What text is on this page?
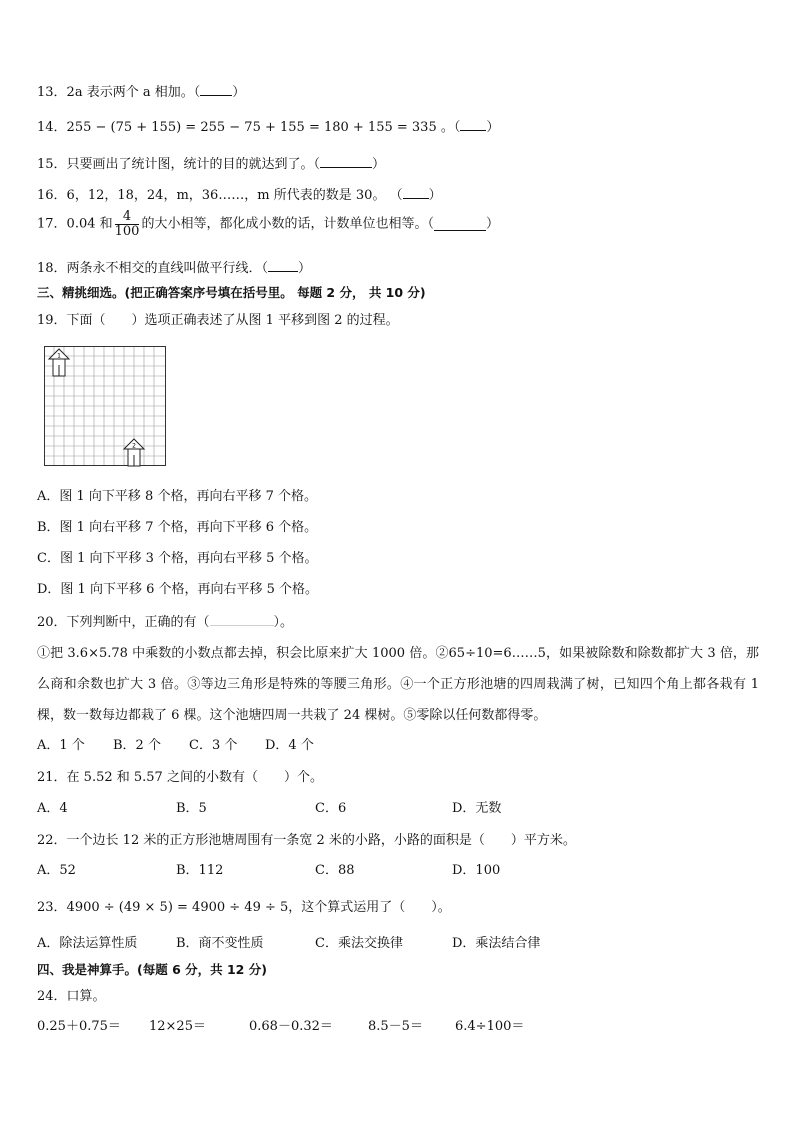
13．2a 表示两个 a 相加。（ ）
14．255 − (75 + 155) = 255 − 75 + 155 = 180 + 155 = 335 。（ ）
15．只要画出了统计图，统计的目的就达到了。（	）
16．6，12，18，24，m，36……，m 所代表的数是 30。 （ ）
17．0.04 和 $\frac{4}{100}$ 的大小相等，都化成小数的话，计数单位也相等。（	）
18．两条永不相交的直线叫做平行线．（ ）
三、精挑细选。(把正确答案序号填在括号里。 每题 2 分， 共 10 分)
19．下面（　　）选项正确表述了从图 1 平移到图 2 的过程。
1
2
A．图 1 向下平移 8 个格，再向右平移 7 个格。
B．图 1 向右平移 7 个格，再向下平移 6 个格。
C．图 1 向下平移 3 个格，再向右平移 5 个格。
D．图 1 向下平移 6 个格，再向右平移 5 个格。
20．下列判断中，正确的有（	）。
①把 3.6×5.78 中乘数的小数点都去掉，积会比原来扩大 1000 倍。②65÷10=6……5，如果被除数和除数都扩大 3 倍，那么商和余数也扩大 3 倍。③等边三角形是特殊的等腰三角形。④一个正方形池塘的四周栽满了树，已知四个角上都各栽有 1 棵，数一数每边都栽了 6 棵。这个池塘四周一共栽了 24 棵树。⑤零除以任何数都得零。
A．1 个 B．2 个 C．3 个 D．4 个
21．在 5.52 和 5.57 之间的小数有（　　）个。
A．4	B．5	C．6	D．无数
22．一个边长 12 米的正方形池塘周围有一条宽 2 米的小路，小路的面积是（　　）平方米。
A．52	B．112	C．88	D．100
23．4900 ÷ (49 × 5) = 4900 ÷ 49 ÷ 5，这个算式运用了（　　）。
A．除法运算性质	B．商不变性质	C．乘法交换律	D．乘法结合律
四、我是神算手。(每题 6 分，共 12 分)
24．口算。
0.25＋0.75＝ 12×25＝	0.68－0.32＝	8.5－5＝ 6.4÷100＝
